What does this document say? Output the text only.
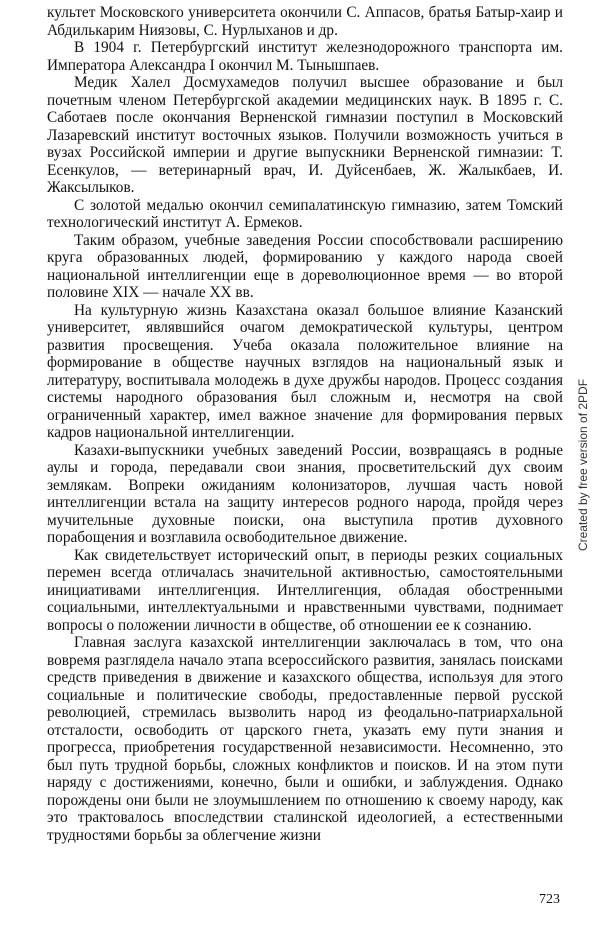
культет Московского университета окончили С. Аппасов, братья Батыр-хаир и Абдилькарим Ниязовы, С. Нурлыханов и др.

В 1904 г. Петербургский институт железнодорожного транспорта им. Императора Александра I окончил М. Тынышпаев.

Медик Халел Досмухамедов получил высшее образование и был почетным членом Петербургской академии медицинских наук. В 1895 г. С. Саботаев после окончания Верненской гимназии поступил в Московский Лазаревский институт восточных языков. Получили возможность учиться в вузах Российской империи и другие выпускники Верненской гимназии: Т. Есенкулов, — ветеринарный врач, И. Дуйсенбаев, Ж. Жалыкбаев, И. Жаксылыков.

С золотой медалью окончил семипалатинскую гимназию, затем Томский технологический институт А. Ермеков.

Таким образом, учебные заведения России способствовали расширению круга образованных людей, формированию у каждого народа своей национальной интеллигенции еще в дореволюционное время — во второй половине XIX — начале XX вв.

На культурную жизнь Казахстана оказал большое влияние Казанский университет, являвшийся очагом демократической культуры, центром развития просвещения. Учеба оказала положительное влияние на формирование в обществе научных взглядов на национальный язык и литературу, воспитывала молодежь в духе дружбы народов. Процесс создания системы народного образования был сложным и, несмотря на свой ограниченный характер, имел важное значение для формирования первых кадров национальной интеллигенции.

Казахи-выпускники учебных заведений России, возвращаясь в родные аулы и города, передавали свои знания, просветительский дух своим землякам. Вопреки ожиданиям колонизаторов, лучшая часть новой интеллигенции встала на защиту интересов родного народа, пройдя через мучительные духовные поиски, она выступила против духовного порабощения и возглавила освободительное движение.

Как свидетельствует исторический опыт, в периоды резких социальных перемен всегда отличалась значительной активностью, самостоятельными инициативами интеллигенция. Интеллигенция, обладая обостренными социальными, интеллектуальными и нравственными чувствами, поднимает вопросы о положении личности в обществе, об отношении ее к сознанию.

Главная заслуга казахской интеллигенции заключалась в том, что она вовремя разглядела начало этапа всероссийского развития, занялась поисками средств приведения в движение и казахского общества, используя для этого социальные и политические свободы, предоставленные первой русской революцией, стремилась вызволить народ из феодально-патриархальной отсталости, освободить от царского гнета, указать ему пути знания и прогресса, приобретения государственной независимости. Несомненно, это был путь трудной борьбы, сложных конфликтов и поисков. И на этом пути наряду с достижениями, конечно, были и ошибки, и заблуждения. Однако порождены они были не злоумышлением по отношению к своему народу, как это трактовалось впоследствии сталинской идеологией, а естественными трудностями борьбы за облегчение жизни

Created by free version of 2PDF
723
